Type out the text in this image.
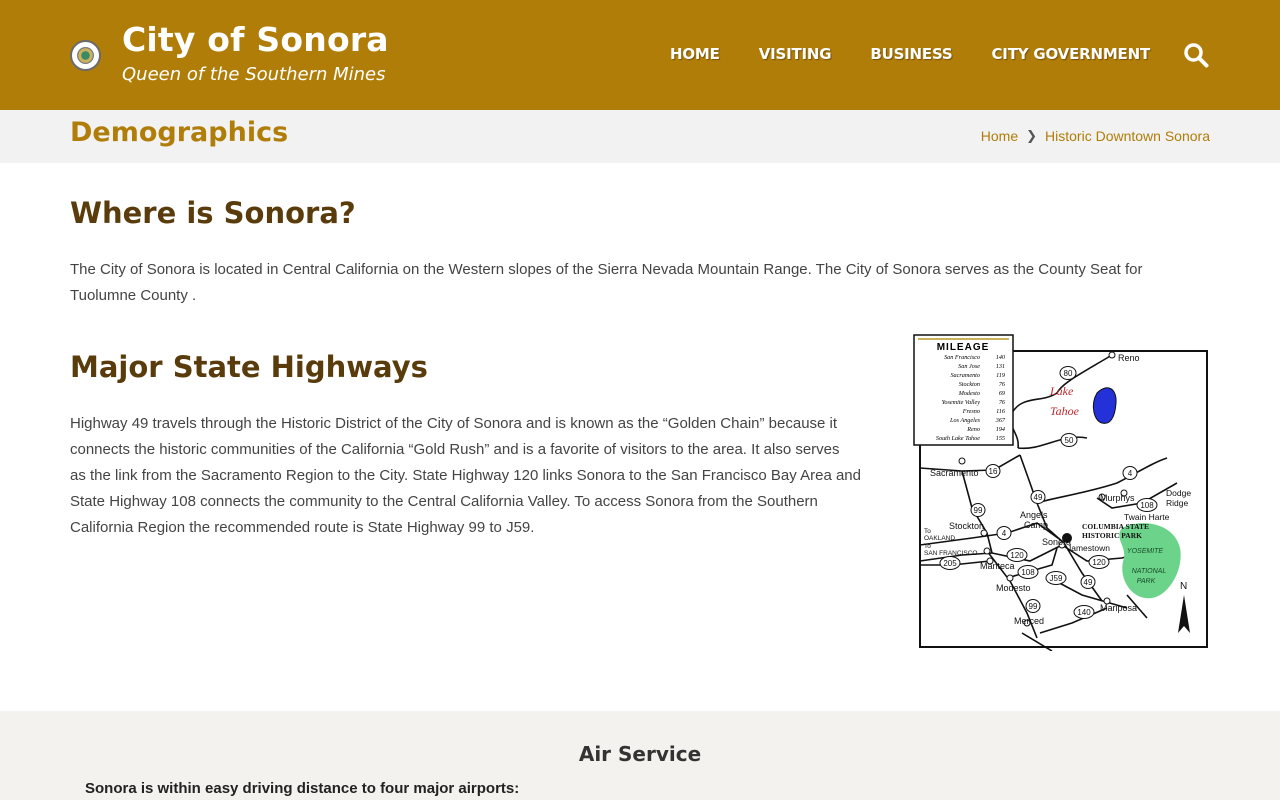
City of Sonora
Queen of the Southern Mines
HOME	VISITING	BUSINESS	CITY GOVERNMENT
Demographics	Home ❯ Historic Downtown Sonora
Where is Sonora?
The City of Sonora is located in Central California on the Western slopes of the Sierra Nevada Mountain Range. The City of Sonora serves as the County Seat for
Tuolumne County .
Major State Highways
Highway 49 travels through the Historic District of the City of Sonora and is known as the “Golden Chain” because it
connects the historic communities of the California “Gold Rush” and is a favorite of visitors to the area. It also serves
as the link from the Sacramento Region to the City. State Highway 120 links Sonora to the San Francisco Bay Area and
State Highway 108 connects the community to the Central California Valley. To access Sonora from the Southern
California Region the recommended route is State Highway 99 to J59.
MILEAGE
San Francisco	140
San Jose	131
Sacramento	119
Stockton	76
Modesto	69
Yosemite Valley	76
Fresno	116
Los Angeles	367
Reno	194
South Lake Tahoe	155
Reno
Sacramento
Angels
Camp
Murphys	Dodge
Ridge
Twain Harte
Stockton
Sonora
Jamestown
Manteca
Modesto
Merced
Mariposa
N
To
OAKLAND
To
SAN FRANCISCO
COLUMBIA STATE
HISTORIC PARK
YOSEMITE
NATIONAL
PARK
Lake
Tahoe
80
50
16
49
4
108
99
4
205
120
120
108
J59	49
99
140
Air Service
Sonora is within easy driving distance to four major airports:
